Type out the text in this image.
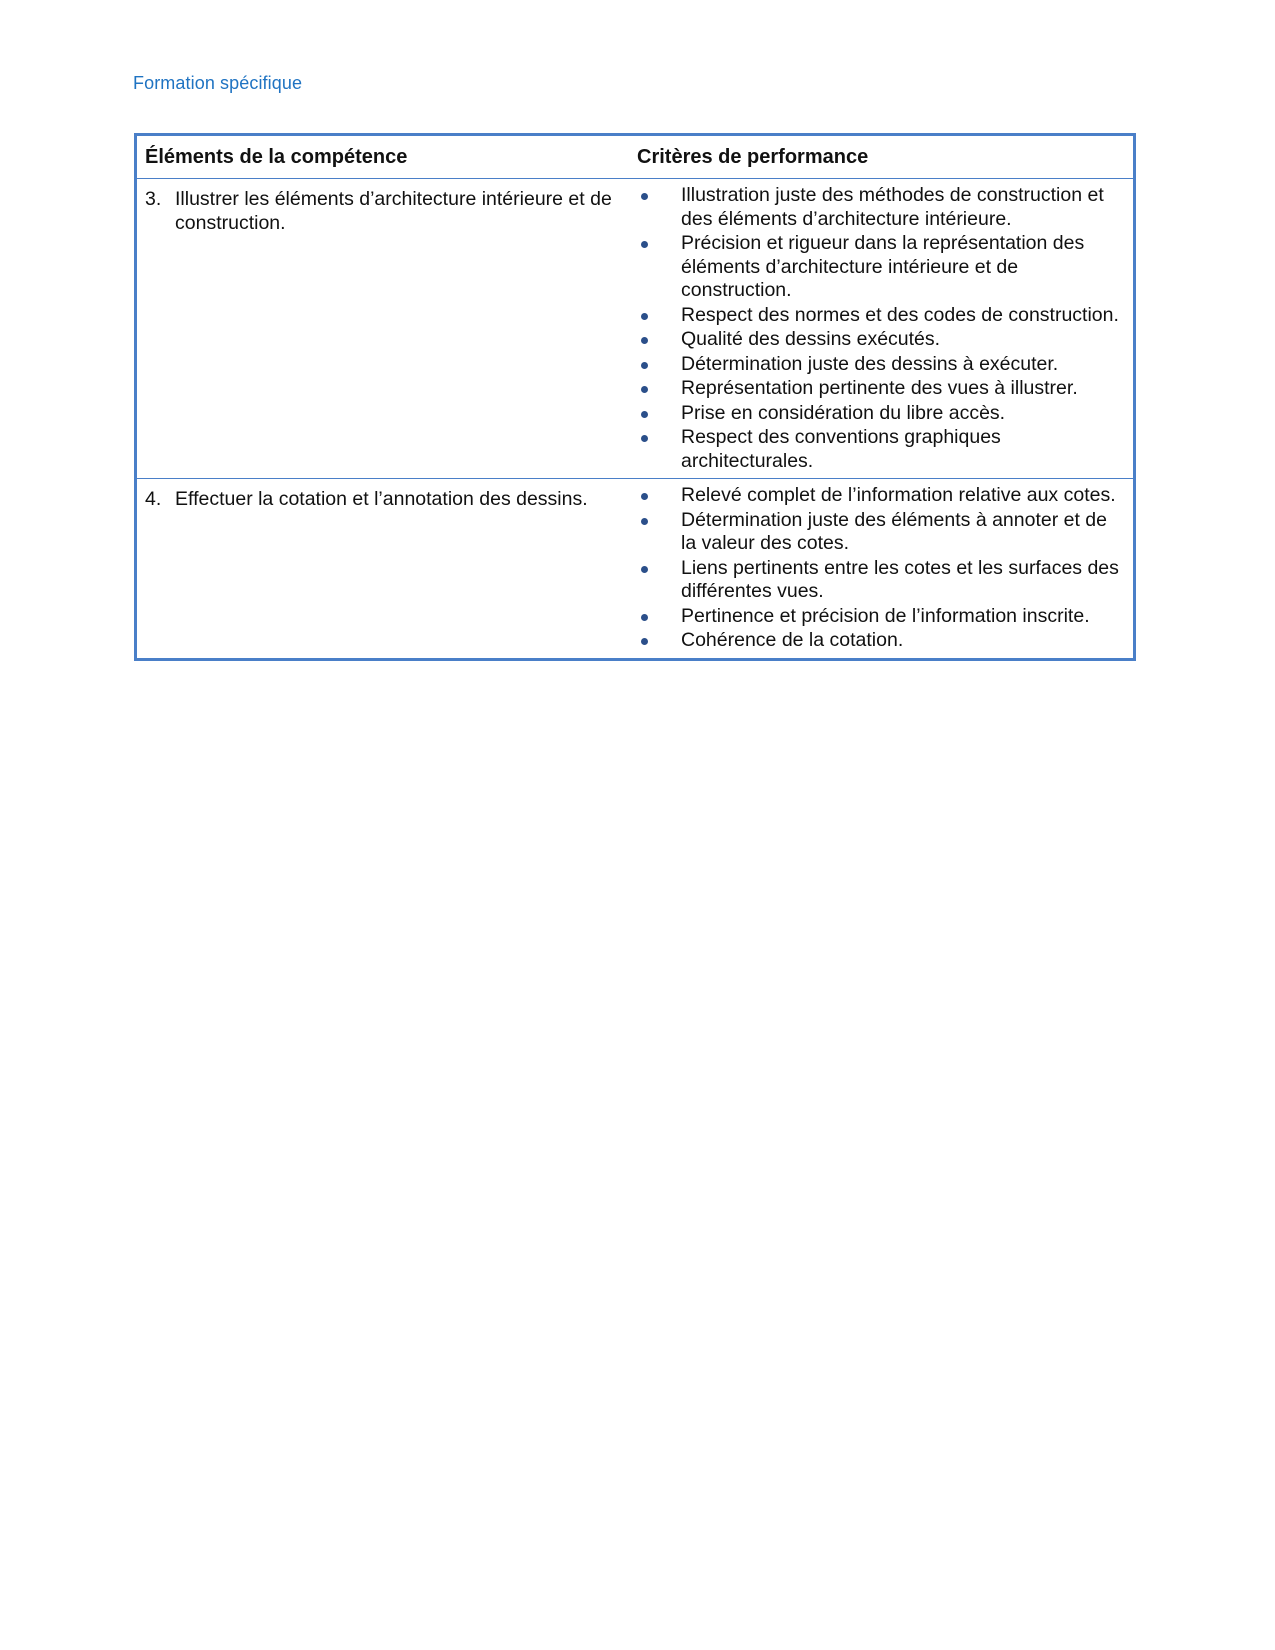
Formation spécifique
Éléments de la compétence	Critères de performance
3. Illustrer les éléments d’architecture intérieure et de construction.
Illustration juste des méthodes de construction et des éléments d’architecture intérieure.
Précision et rigueur dans la représentation des éléments d’architecture intérieure et de construction.
Respect des normes et des codes de construction.
Qualité des dessins exécutés.
Détermination juste des dessins à exécuter.
Représentation pertinente des vues à illustrer.
Prise en considération du libre accès.
Respect des conventions graphiques architecturales.
4. Effectuer la cotation et l’annotation des dessins.	Relevé complet de l’information relative aux cotes.
Détermination juste des éléments à annoter et de la valeur des cotes.
Liens pertinents entre les cotes et les surfaces des différentes vues.
Pertinence et précision de l’information inscrite.
Cohérence de la cotation.
